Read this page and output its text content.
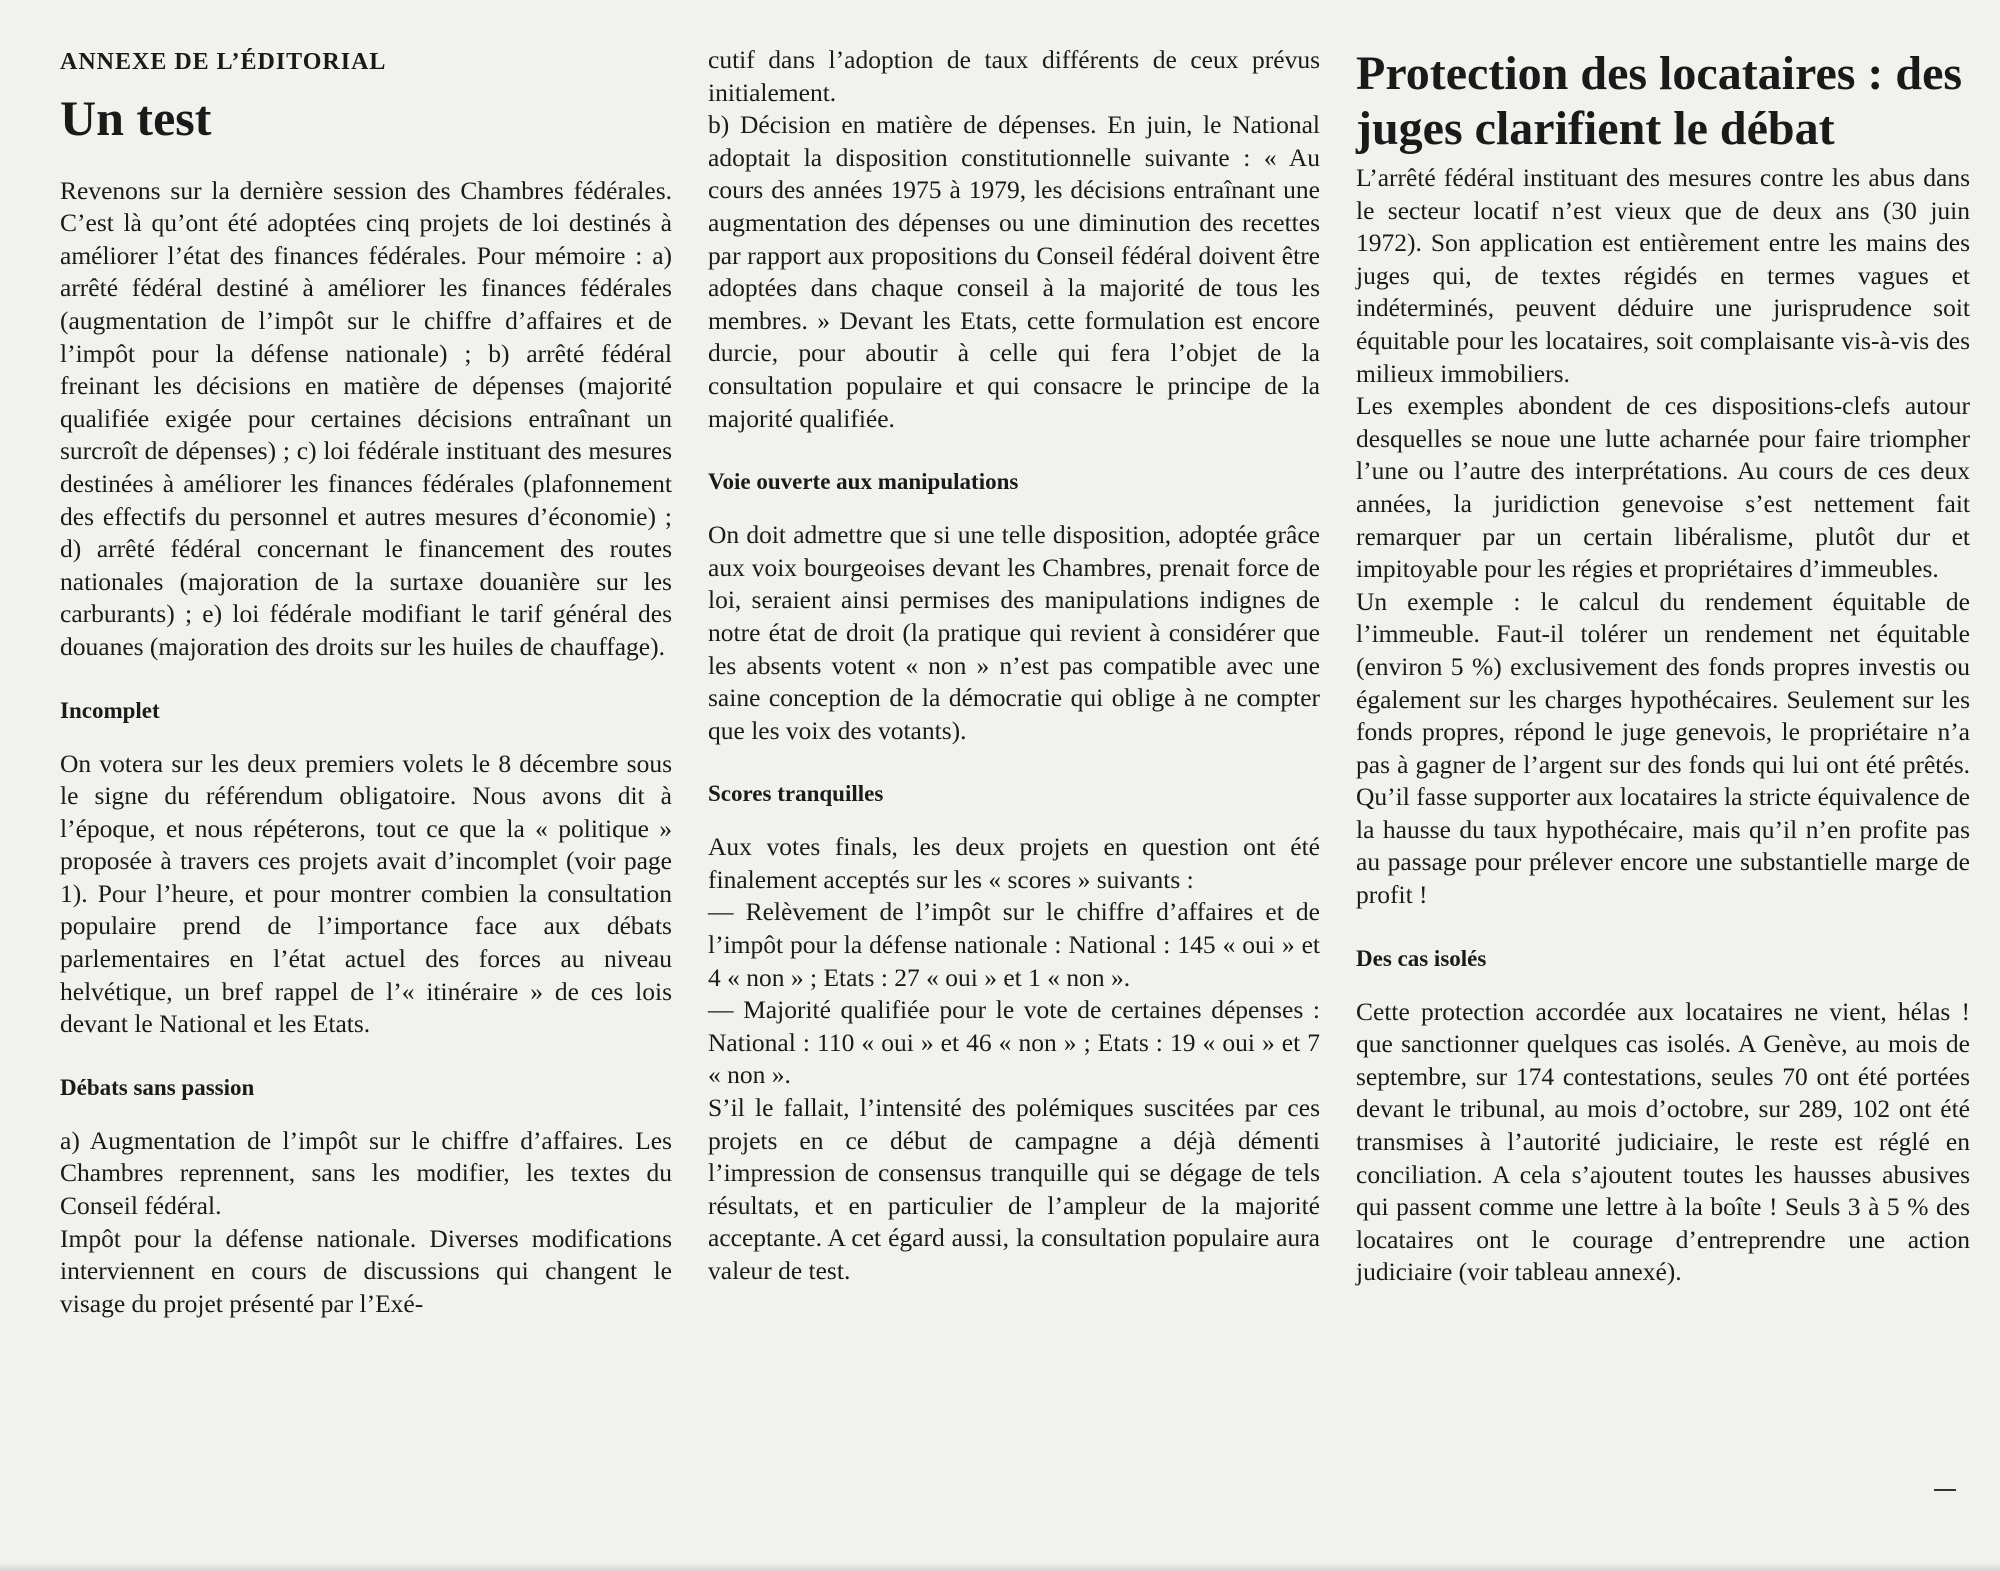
ANNEXE DE L’ÉDITORIAL
Un test

Revenons sur la dernière session des Chambres fédérales. C’est là qu’ont été adoptées cinq projets de loi destinés à améliorer l’état des finances fédérales. Pour mémoire : a) arrêté fédéral destiné à améliorer les finances fédérales (augmentation de l’impôt sur le chiffre d’affaires et de l’impôt pour la défense nationale) ; b) arrêté fédéral freinant les décisions en matière de dépenses (majorité qualifiée exigée pour certaines décisions entraînant un surcroît de dépenses) ; c) loi fédérale instituant des mesures destinées à améliorer les finances fédérales (plafonnement des effectifs du personnel et autres mesures d’économie) ; d) arrêté fédéral concernant le financement des routes nationales (majoration de la surtaxe douanière sur les carburants) ; e) loi fédérale modifiant le tarif général des douanes (majoration des droits sur les huiles de chauffage).

Incomplet

On votera sur les deux premiers volets le 8 décembre sous le signe du référendum obligatoire. Nous avons dit à l’époque, et nous répéterons, tout ce que la « politique » proposée à travers ces projets avait d’incomplet (voir page 1). Pour l’heure, et pour montrer combien la consultation populaire prend de l’importance face aux débats parlementaires en l’état actuel des forces au niveau helvétique, un bref rappel de l’« itinéraire » de ces lois devant le National et les Etats.

Débats sans passion

a) Augmentation de l’impôt sur le chiffre d’affaires. Les Chambres reprennent, sans les modifier, les textes du Conseil fédéral.

Impôt pour la défense nationale. Diverses modifications interviennent en cours de discussions qui changent le visage du projet présenté par l’Exé-

cutif dans l’adoption de taux différents de ceux prévus initialement.

b) Décision en matière de dépenses. En juin, le National adoptait la disposition constitutionnelle suivante : « Au cours des années 1975 à 1979, les décisions entraînant une augmentation des dépenses ou une diminution des recettes par rapport aux propositions du Conseil fédéral doivent être adoptées dans chaque conseil à la majorité de tous les membres. » Devant les Etats, cette formulation est encore durcie, pour aboutir à celle qui fera l’objet de la consultation populaire et qui consacre le principe de la majorité qualifiée.

Voie ouverte aux manipulations

On doit admettre que si une telle disposition, adoptée grâce aux voix bourgeoises devant les Chambres, prenait force de loi, seraient ainsi permises des manipulations indignes de notre état de droit (la pratique qui revient à considérer que les absents votent « non » n’est pas compatible avec une saine conception de la démocratie qui oblige à ne compter que les voix des votants).

Scores tranquilles

Aux votes finals, les deux projets en question ont été finalement acceptés sur les « scores » suivants :

— Relèvement de l’impôt sur le chiffre d’affaires et de l’impôt pour la défense nationale : National : 145 « oui » et 4 « non » ; Etats : 27 « oui » et 1 « non ».

— Majorité qualifiée pour le vote de certaines dépenses : National : 110 « oui » et 46 « non » ; Etats : 19 « oui » et 7 « non ».

S’il le fallait, l’intensité des polémiques suscitées par ces projets en ce début de campagne a déjà démenti l’impression de consensus tranquille qui se dégage de tels résultats, et en particulier de l’ampleur de la majorité acceptante. A cet égard aussi, la consultation populaire aura valeur de test.

Protection des locataires : des juges clarifient le débat

L’arrêté fédéral instituant des mesures contre les abus dans le secteur locatif n’est vieux que de deux ans (30 juin 1972). Son application est entièrement entre les mains des juges qui, de textes régidés en termes vagues et indéterminés, peuvent déduire une jurisprudence soit équitable pour les locataires, soit complaisante vis-à-vis des milieux immobiliers.

Les exemples abondent de ces dispositions-clefs autour desquelles se noue une lutte acharnée pour faire triompher l’une ou l’autre des interprétations. Au cours de ces deux années, la juridiction genevoise s’est nettement fait remarquer par un certain libéralisme, plutôt dur et impitoyable pour les régies et propriétaires d’immeubles.

Un exemple : le calcul du rendement équitable de l’immeuble. Faut-il tolérer un rendement net équitable (environ 5 %) exclusivement des fonds propres investis ou également sur les charges hypothécaires. Seulement sur les fonds propres, répond le juge genevois, le propriétaire n’a pas à gagner de l’argent sur des fonds qui lui ont été prêtés. Qu’il fasse supporter aux locataires la stricte équivalence de la hausse du taux hypothécaire, mais qu’il n’en profite pas au passage pour prélever encore une substantielle marge de profit !

Des cas isolés

Cette protection accordée aux locataires ne vient, hélas ! que sanctionner quelques cas isolés. A Genève, au mois de septembre, sur 174 contestations, seules 70 ont été portées devant le tribunal, au mois d’octobre, sur 289, 102 ont été transmises à l’autorité judiciaire, le reste est réglé en conciliation. A cela s’ajoutent toutes les hausses abusives qui passent comme une lettre à la boîte ! Seuls 3 à 5 % des locataires ont le courage d’entreprendre une action judiciaire (voir tableau annexé).
